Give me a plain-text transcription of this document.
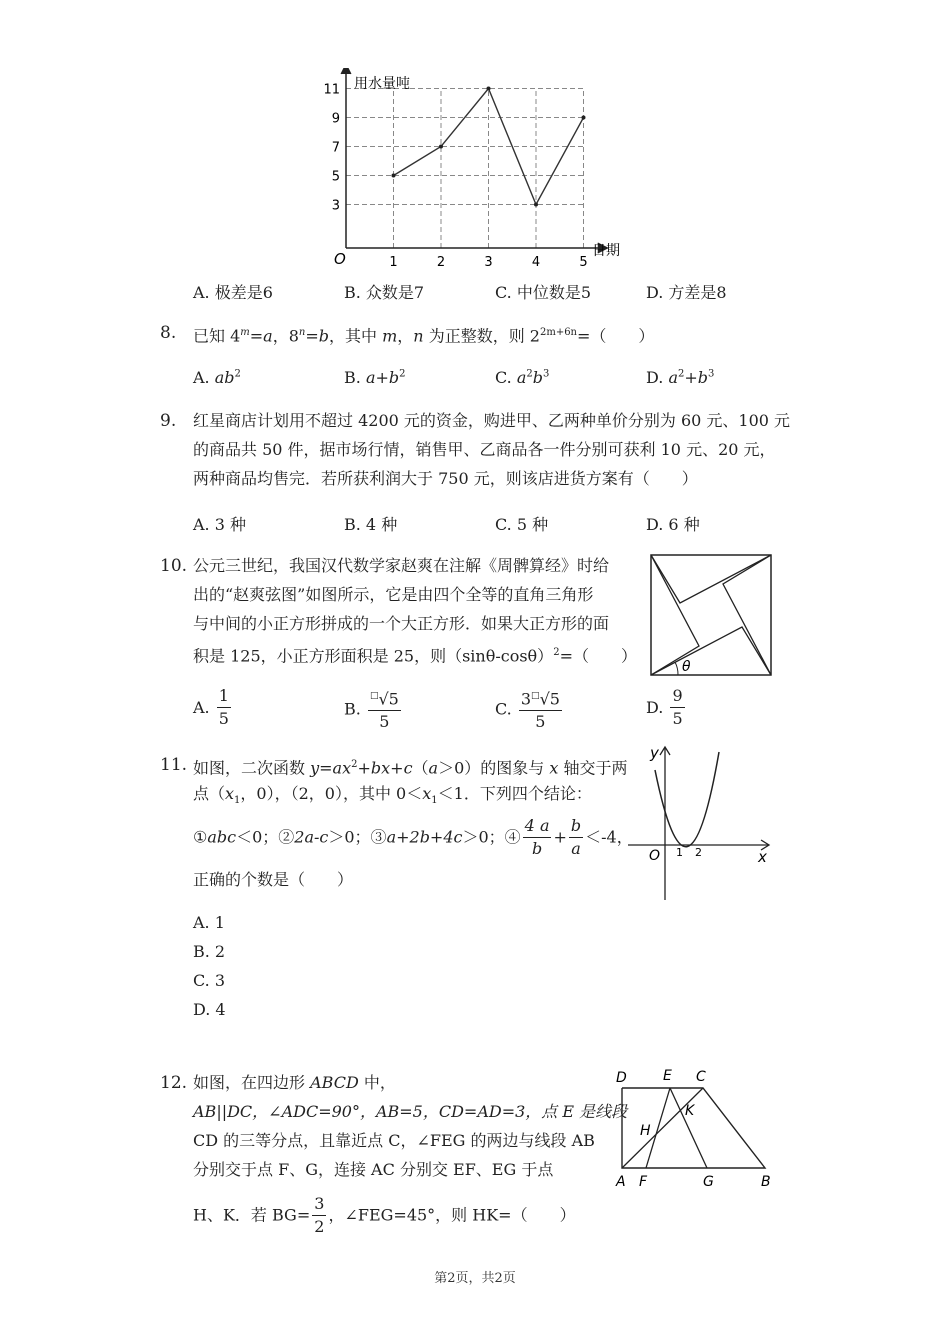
3
5
7
9
11
1	2	3	4	5
用水量吨
日期
O
A. 极差是6	B. 众数是7	C. 中位数是5	D. 方差是8
8. 已知 $4^m=a$，$8^n=b$，其中 m，n 为正整数，则 $2^{2m+6n}=$（　　）
A. $ab^2$	B. $a+b^2$	C. $a^2b^3$	D. $a^2+b^3$
9. 红星商店计划用不超过 4200 元的资金，购进甲、乙两种单价分别为 60 元、100 元
的商品共 50 件，据市场行情，销售甲、乙商品各一件分别可获利 10 元、20 元，
两种商品均售完．若所获利润大于 750 元，则该店进货方案有（　　）
A. 3 种	B. 4 种	C. 5 种	D. 6 种
10. 公元三世纪，我国汉代数学家赵爽在注解《周髀算经》时给
出的“赵爽弦图”如图所示，它是由四个全等的直角三角形
与中间的小正方形拼成的一个大正方形．如果大正方形的面
积是 125，小正方形面积是 25，则$(\sin\theta-\cos\theta)^2=$（　　）
θ
A. $\frac{1}{5}$	B. $\frac{^□√5}{5}$	C. $\frac{3^□√5}{5}$	D. $\frac{9}{5}$
11. 如图，二次函数 $y=ax^2+bx+c(a>0)$的图象与 x 轴交于两
点（$x_1$，0），（2，0），其中 $0<x_1<1$．下列四个结论：
①abc＜0；②2a-c＞0；③a+2b+4c＞0；④ $\frac{4 a}{b} + \frac{b}{a} <-4$，
正确的个数是（　　）
A. 1
B. 2
C. 3
D. 4
y
x
O 1 2
12. 如图，在四边形 ABCD 中，
AB||DC，∠ADC=90°，AB=5，CD=AD=3，点 E 是线段
CD 的三等分点，且靠近点 C，∠FEG 的两边与线段 AB
分别交于点 F、G，连接 AC 分别交 EF、EG 于点
H、K．若 $BG= \frac{3}{2}$ ，∠FEG=45°，则 HK=（　　）
D	E C
K
H
A F	G	B
第2页，共2页
